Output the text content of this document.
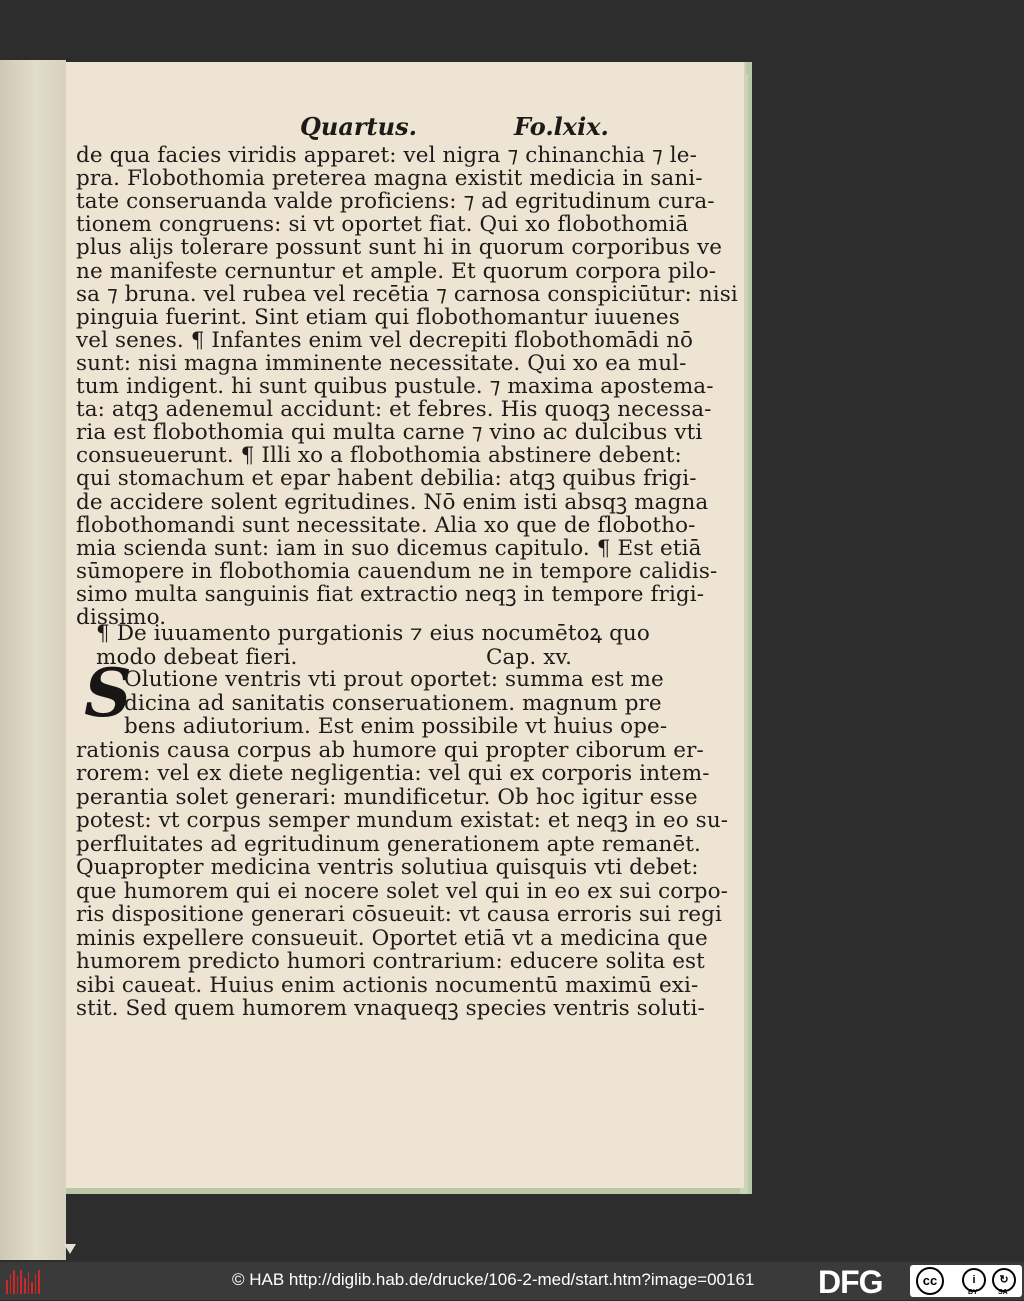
Quartus.	Fo.lxix.
¶ De iuuamento purgationis ⁊ eius nocumētoꝝ quo
modo debeat fieri.	Cap. xv.
S
de qua facies viridis apparet: vel nigra ⁊ chinanchia ⁊ le-
pra. Flobothomia preterea magna existit medicia in sani-
tate conseruanda valde proficiens: ⁊ ad egritudinum cura-
tionem congruens: si vt oportet fiat. Qui xo flobothomiā
plus alijs tolerare possunt sunt hi in quorum corporibus ve
ne manifeste cernuntur et ample. Et quorum corpora pilo-
sa ⁊ bruna. vel rubea vel recētia ⁊ carnosa conspiciūtur: nisi
pinguia fuerint. Sint etiam qui flobothomantur iuuenes
vel senes. ¶ Infantes enim vel decrepiti flobothomādi nō
sunt: nisi magna imminente necessitate. Qui xo ea mul-
tum indigent. hi sunt quibus pustule. ⁊ maxima apostema-
ta: atqꝫ adenemul accidunt: et febres. His quoqꝫ necessa-
ria est flobothomia qui multa carne ⁊ vino ac dulcibus vti
consueuerunt. ¶ Illi xo a flobothomia abstinere debent:
qui stomachum et epar habent debilia: atqꝫ quibus frigi-
de accidere solent egritudines. Nō enim isti absqꝫ magna
flobothomandi sunt necessitate. Alia xo que de flobotho-
mia scienda sunt: iam in suo dicemus capitulo. ¶ Est etiā
sūmopere in flobothomia cauendum ne in tempore calidis-
simo multa sanguinis fiat extractio neqꝫ in tempore frigi-
dissimo.
Olutione ventris vti prout oportet: summa est me
dicina ad sanitatis conseruationem. magnum pre
bens adiutorium. Est enim possibile vt huius ope-
rationis causa corpus ab humore qui propter ciborum er-
rorem: vel ex diete negligentia: vel qui ex corporis intem-
perantia solet generari: mundificetur. Ob hoc igitur esse
potest: vt corpus semper mundum existat: et neqꝫ in eo su-
perfluitates ad egritudinum generationem apte remanēt.
Quapropter medicina ventris solutiua quisquis vti debet:
que humorem qui ei nocere solet vel qui in eo ex sui corpo-
ris dispositione generari cōsueuit: vt causa erroris sui regi
minis expellere consueuit. Oportet etiā vt a medicina que
humorem predicto humori contrarium: educere solita est
sibi caueat. Huius enim actionis nocumentū maximū exi-
stit. Sed quem humorem vnaqueqꝫ species ventris soluti-
© HAB http://diglib.hab.de/drucke/106-2-med/start.htm?image=00161 DFG	cc	i	↻
BY	SA
